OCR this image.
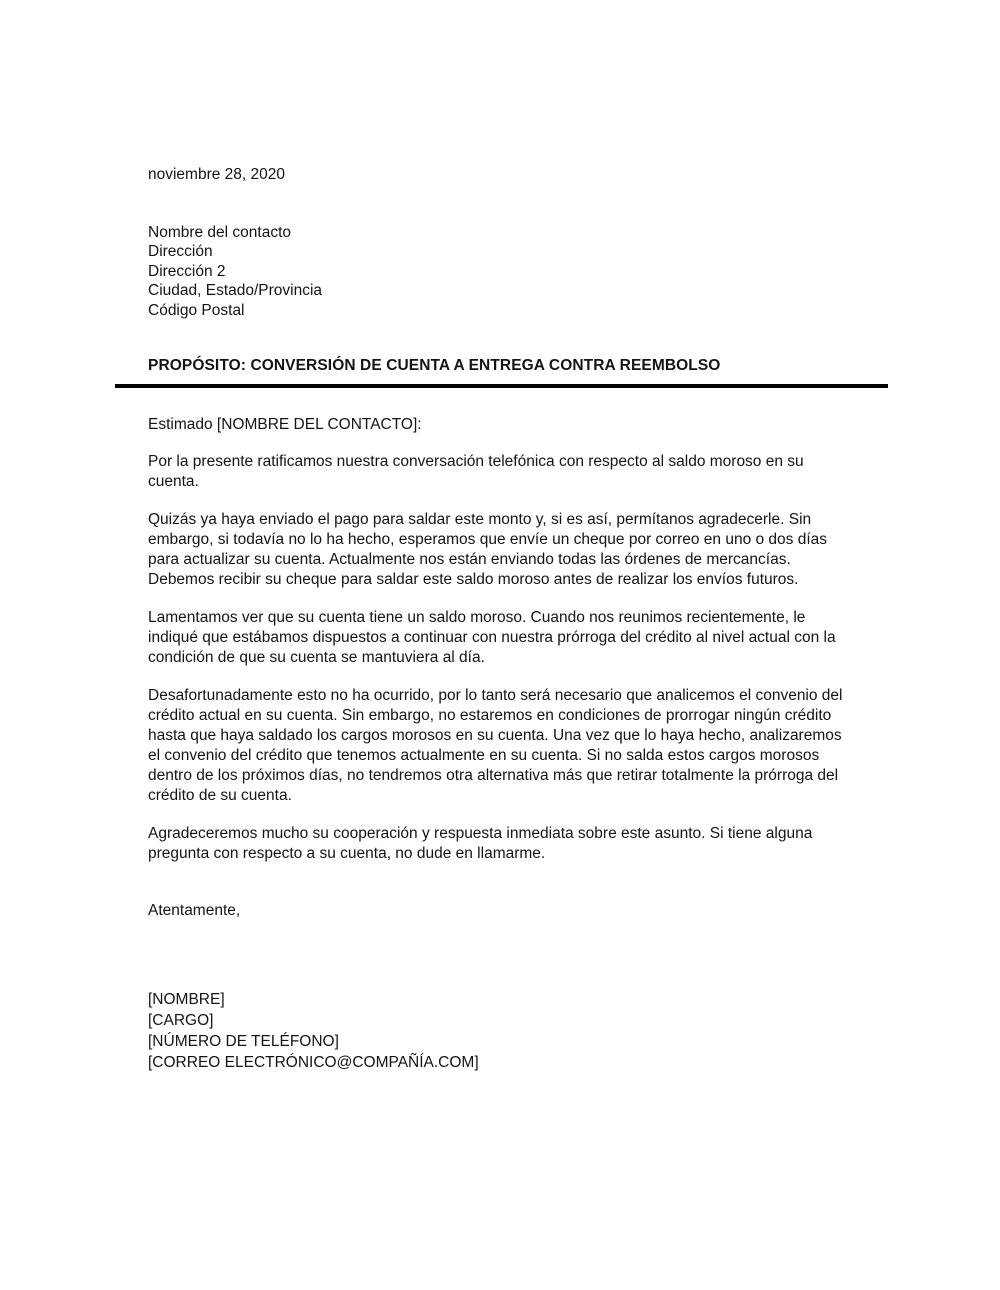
noviembre 28, 2020
Nombre del contacto
Dirección
Dirección 2
Ciudad, Estado/Provincia
Código Postal
PROPÓSITO: CONVERSIÓN DE CUENTA A ENTREGA CONTRA REEMBOLSO
Estimado [NOMBRE DEL CONTACTO]:

Por la presente ratificamos nuestra conversación telefónica con respecto al saldo moroso en su cuenta.

Quizás ya haya enviado el pago para saldar este monto y, si es así, permítanos agradecerle. Sin embargo, si todavía no lo ha hecho, esperamos que envíe un cheque por correo en uno o dos días para actualizar su cuenta. Actualmente nos están enviando todas las órdenes de mercancías. Debemos recibir su cheque para saldar este saldo moroso antes de realizar los envíos futuros.

Lamentamos ver que su cuenta tiene un saldo moroso. Cuando nos reunimos recientemente, le indiqué que estábamos dispuestos a continuar con nuestra prórroga del crédito al nivel actual con la condición de que su cuenta se mantuviera al día.

Desafortunadamente esto no ha ocurrido, por lo tanto será necesario que analicemos el convenio del crédito actual en su cuenta. Sin embargo, no estaremos en condiciones de prorrogar ningún crédito hasta que haya saldado los cargos morosos en su cuenta. Una vez que lo haya hecho, analizaremos el convenio del crédito que tenemos actualmente en su cuenta. Si no salda estos cargos morosos dentro de los próximos días, no tendremos otra alternativa más que retirar totalmente la prórroga del crédito de su cuenta.

Agradeceremos mucho su cooperación y respuesta inmediata sobre este asunto. Si tiene alguna pregunta con respecto a su cuenta, no dude en llamarme.

Atentamente,
[NOMBRE]
[CARGO]
[NÚMERO DE TELÉFONO]
[CORREO ELECTRÓNICO@COMPAÑÍA.COM]
